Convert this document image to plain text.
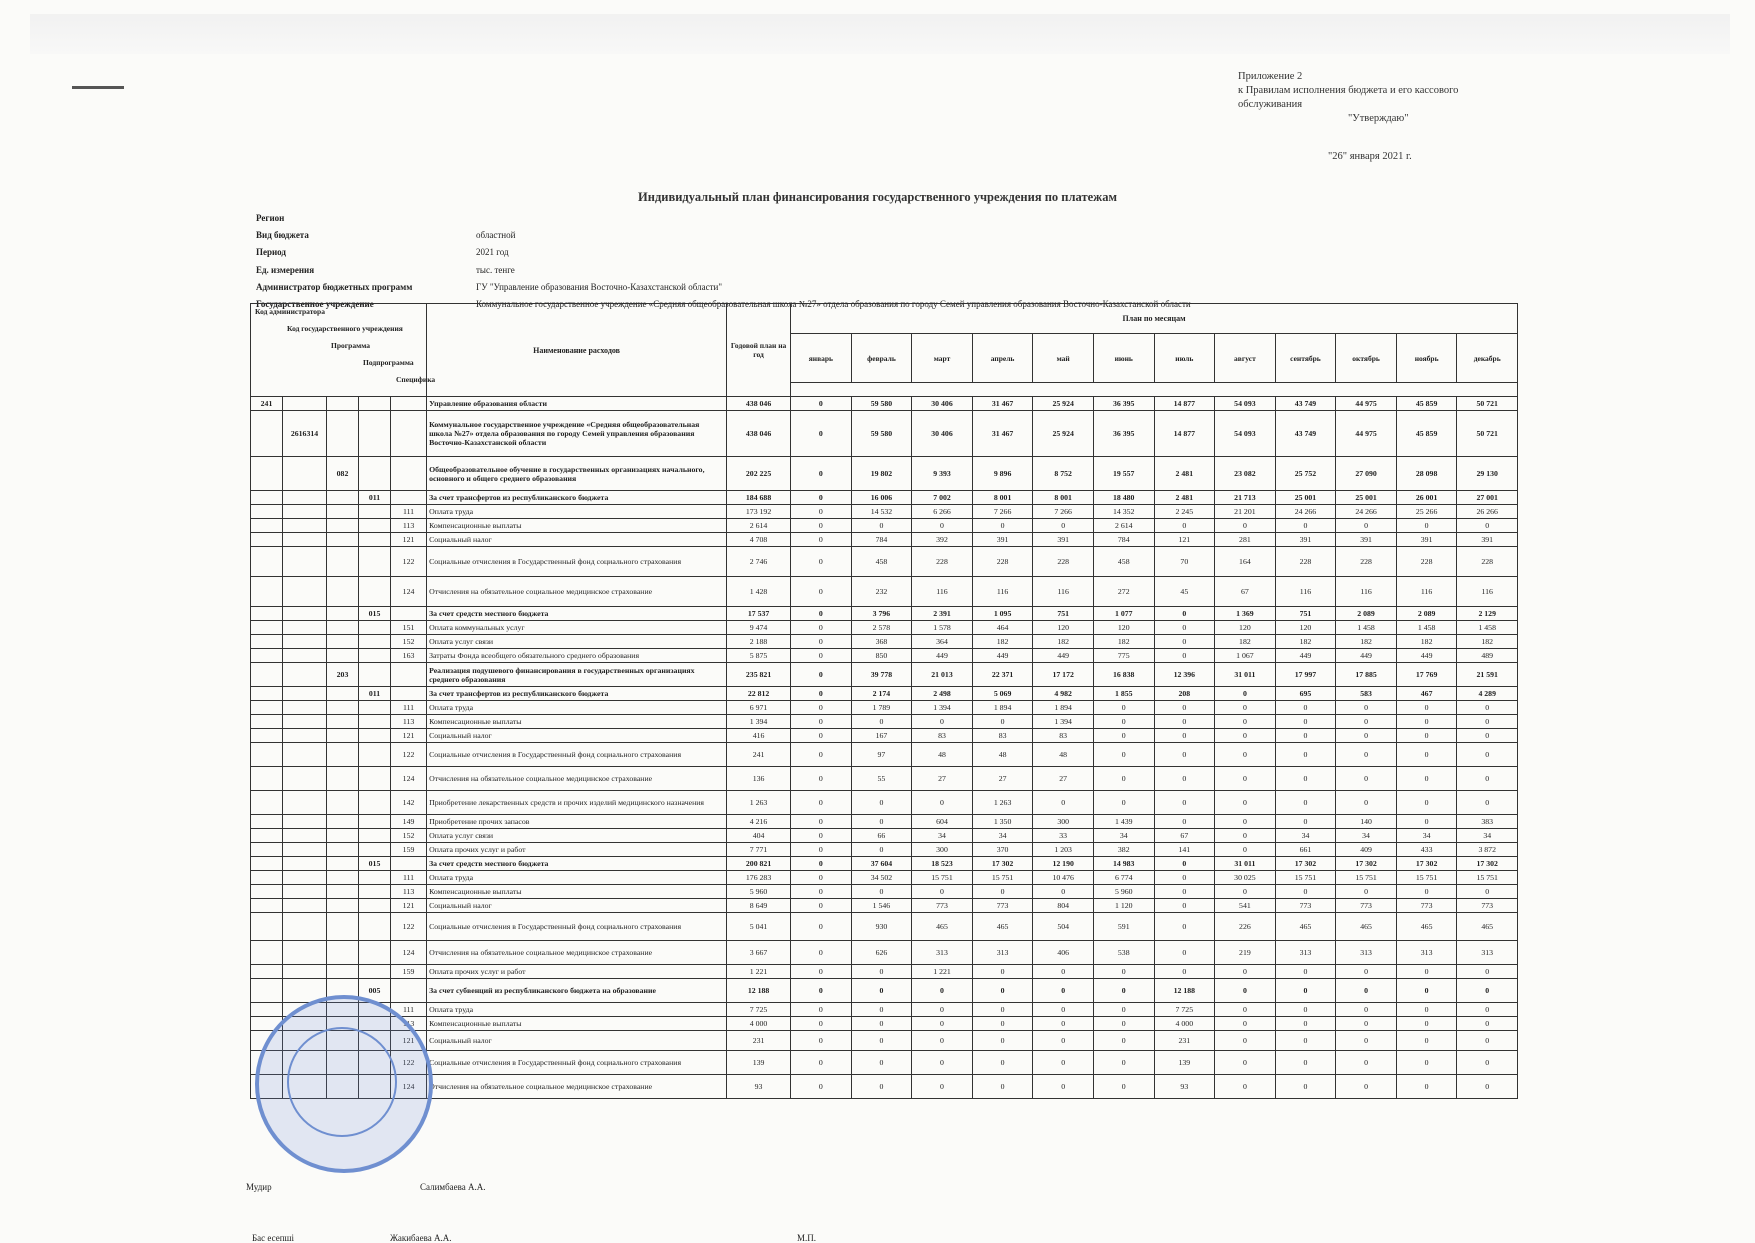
Приложение 2
к Правилам исполнения бюджета и его кассового
обслуживания
"Утверждаю"
"26" января 2021 г.
Индивидуальный план финансирования государственного учреждения по платежам
Регион
Вид бюджета	областной
Период	2021 год
Ед. измерения	тыс. тенге
Администратор бюджетных программ	ГУ "Управление образования Восточно-Казахстанской области"
Государственное учреждение	Коммунальное государственное учреждение «Средняя общеобразовательная школа №27» отдела образования по городу Семей управления образования Восточно-Казахстанской области
Код администратора
Код государственного учреждения
Программа
Подпрограмма
Специфика					Наименование расходов	Годовой план на год	План по месяцам											
							январь	февраль	март	апрель	май	июнь	июль	август	сентябрь	октябрь	ноябрь	декабрь

241					Управление образования области	438 046	0	59 580	30 406	31 467	25 924	36 395	14 877	54 093	43 749	44 975	45 859	50 721
	2616314				Коммунальное государственное учреждение «Средняя общеобразовательная школа №27» отдела образования по городу Семей управления образования Восточно-Казахстанской области	438 046	0	59 580	30 406	31 467	25 924	36 395	14 877	54 093	43 749	44 975	45 859	50 721
		082			Общеобразовательное обучение в государственных организациях начального, основного и общего среднего образования	202 225	0	19 802	9 393	9 896	8 752	19 557	2 481	23 082	25 752	27 090	28 098	29 130
			011		За счет трансфертов из республиканского бюджета	184 688	0	16 006	7 002	8 001	8 001	18 480	2 481	21 713	25 001	25 001	26 001	27 001
				111	Оплата труда	173 192	0	14 532	6 266	7 266	7 266	14 352	2 245	21 201	24 266	24 266	25 266	26 266
				113	Компенсационные выплаты	2 614	0	0	0	0	0	2 614	0	0	0	0	0	0
				121	Социальный налог	4 708	0	784	392	391	391	784	121	281	391	391	391	391
				122	Социальные отчисления в Государственный фонд социального страхования	2 746	0	458	228	228	228	458	70	164	228	228	228	228
				124	Отчисления на обязательное социальное медицинское страхование	1 428	0	232	116	116	116	272	45	67	116	116	116	116
			015		За счет средств местного бюджета	17 537	0	3 796	2 391	1 095	751	1 077	0	1 369	751	2 089	2 089	2 129
				151	Оплата коммунальных услуг	9 474	0	2 578	1 578	464	120	120	0	120	120	1 458	1 458	1 458
				152	Оплата услуг связи	2 188	0	368	364	182	182	182	0	182	182	182	182	182
				163	Затраты Фонда всеобщего обязательного среднего образования	5 875	0	850	449	449	449	775	0	1 067	449	449	449	489
		203			Реализация подушевого финансирования в государственных организациях среднего образования	235 821	0	39 778	21 013	22 371	17 172	16 838	12 396	31 011	17 997	17 885	17 769	21 591
			011		За счет трансфертов из республиканского бюджета	22 812	0	2 174	2 498	5 069	4 982	1 855	208	0	695	583	467	4 289
				111	Оплата труда	6 971	0	1 789	1 394	1 894	1 894	0	0	0	0	0	0	0
				113	Компенсационные выплаты	1 394	0	0	0	0	1 394	0	0	0	0	0	0	0
				121	Социальный налог	416	0	167	83	83	83	0	0	0	0	0	0	0
				122	Социальные отчисления в Государственный фонд социального страхования	241	0	97	48	48	48	0	0	0	0	0	0	0
				124	Отчисления на обязательное социальное медицинское страхование	136	0	55	27	27	27	0	0	0	0	0	0	0
				142	Приобретение лекарственных средств и прочих изделий медицинского назначения	1 263	0	0	0	1 263	0	0	0	0	0	0	0	0
				149	Приобретение прочих запасов	4 216	0	0	604	1 350	300	1 439	0	0	0	140	0	383
				152	Оплата услуг связи	404	0	66	34	34	33	34	67	0	34	34	34	34
				159	Оплата прочих услуг и работ	7 771	0	0	300	370	1 203	382	141	0	661	409	433	3 872
			015		За счет средств местного бюджета	200 821	0	37 604	18 523	17 302	12 190	14 983	0	31 011	17 302	17 302	17 302	17 302
				111	Оплата труда	176 283	0	34 502	15 751	15 751	10 476	6 774	0	30 025	15 751	15 751	15 751	15 751
				113	Компенсационные выплаты	5 960	0	0	0	0	0	5 960	0	0	0	0	0	0
				121	Социальный налог	8 649	0	1 546	773	773	804	1 120	0	541	773	773	773	773
				122	Социальные отчисления в Государственный фонд социального страхования	5 041	0	930	465	465	504	591	0	226	465	465	465	465
				124	Отчисления на обязательное социальное медицинское страхование	3 667	0	626	313	313	406	538	0	219	313	313	313	313
				159	Оплата прочих услуг и работ	1 221	0	0	1 221	0	0	0	0	0	0	0	0	0
			005		За счет субвенций из республиканского бюджета на образование	12 188	0	0	0	0	0	0	12 188	0	0	0	0	0
				111	Оплата труда	7 725	0	0	0	0	0	0	7 725	0	0	0	0	0
				113	Компенсационные выплаты	4 000	0	0	0	0	0	0	4 000	0	0	0	0	0
				121	Социальный налог	231	0	0	0	0	0	0	231	0	0	0	0	0
				122	Социальные отчисления в Государственный фонд социального страхования	139	0	0	0	0	0	0	139	0	0	0	0	0
				124	Отчисления на обязательное социальное медицинское страхование	93	0	0	0	0	0	0	93	0	0	0	0	0
Мудир	Салимбаева А.А.
Бас есепші	Жакибаева А.А.	М.П.
